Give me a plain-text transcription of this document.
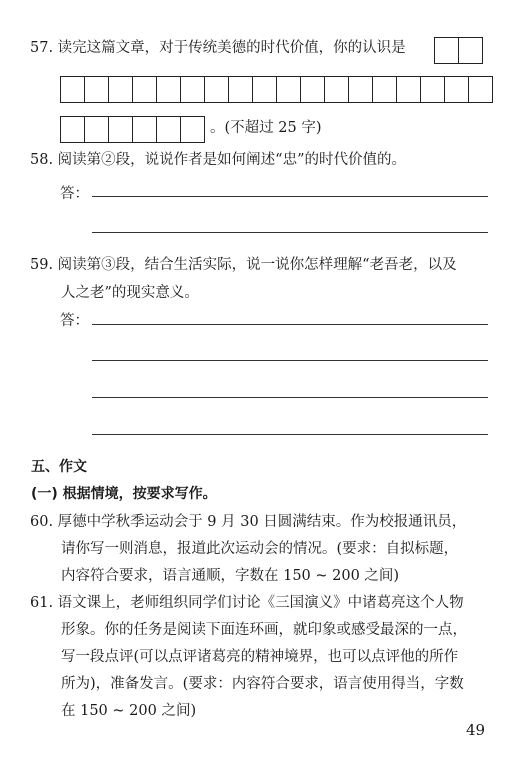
57. 读完这篇文章，对于传统美德的时代价值，你的认识是
。(不超过 25 字)
58. 阅读第②段，说说作者是如何阐述“忠”的时代价值的。
答：
59. 阅读第③段，结合生活实际，说一说你怎样理解“老吾老，以及
人之老”的现实意义。
答：
五、作文
(一) 根据情境，按要求写作。
60. 厚德中学秋季运动会于 9 月 30 日圆满结束。作为校报通讯员，
请你写一则消息，报道此次运动会的情况。(要求：自拟标题，
内容符合要求，语言通顺，字数在 150 ~ 200 之间)
61. 语文课上，老师组织同学们讨论《三国演义》中诸葛亮这个人物
形象。你的任务是阅读下面连环画，就印象或感受最深的一点，
写一段点评(可以点评诸葛亮的精神境界，也可以点评他的所作
所为)，准备发言。(要求：内容符合要求，语言使用得当，字数
在 150 ~ 200 之间)
49
